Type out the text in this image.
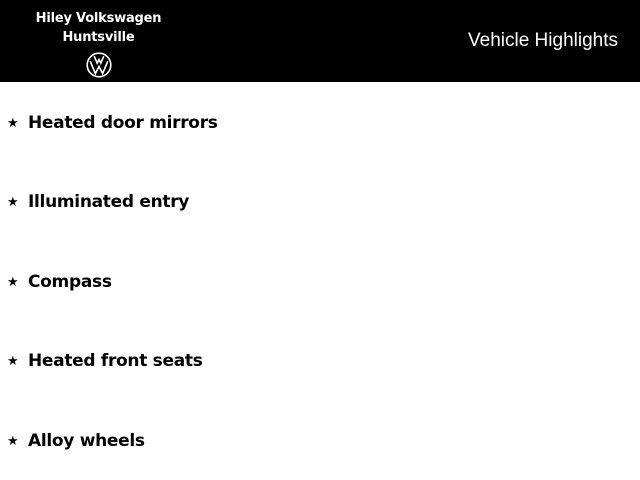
Hiley Volkswagen
Huntsville	Vehicle Highlights
★ Heated door mirrors
★ Illuminated entry
★ Compass
★ Heated front seats
★ Alloy wheels
